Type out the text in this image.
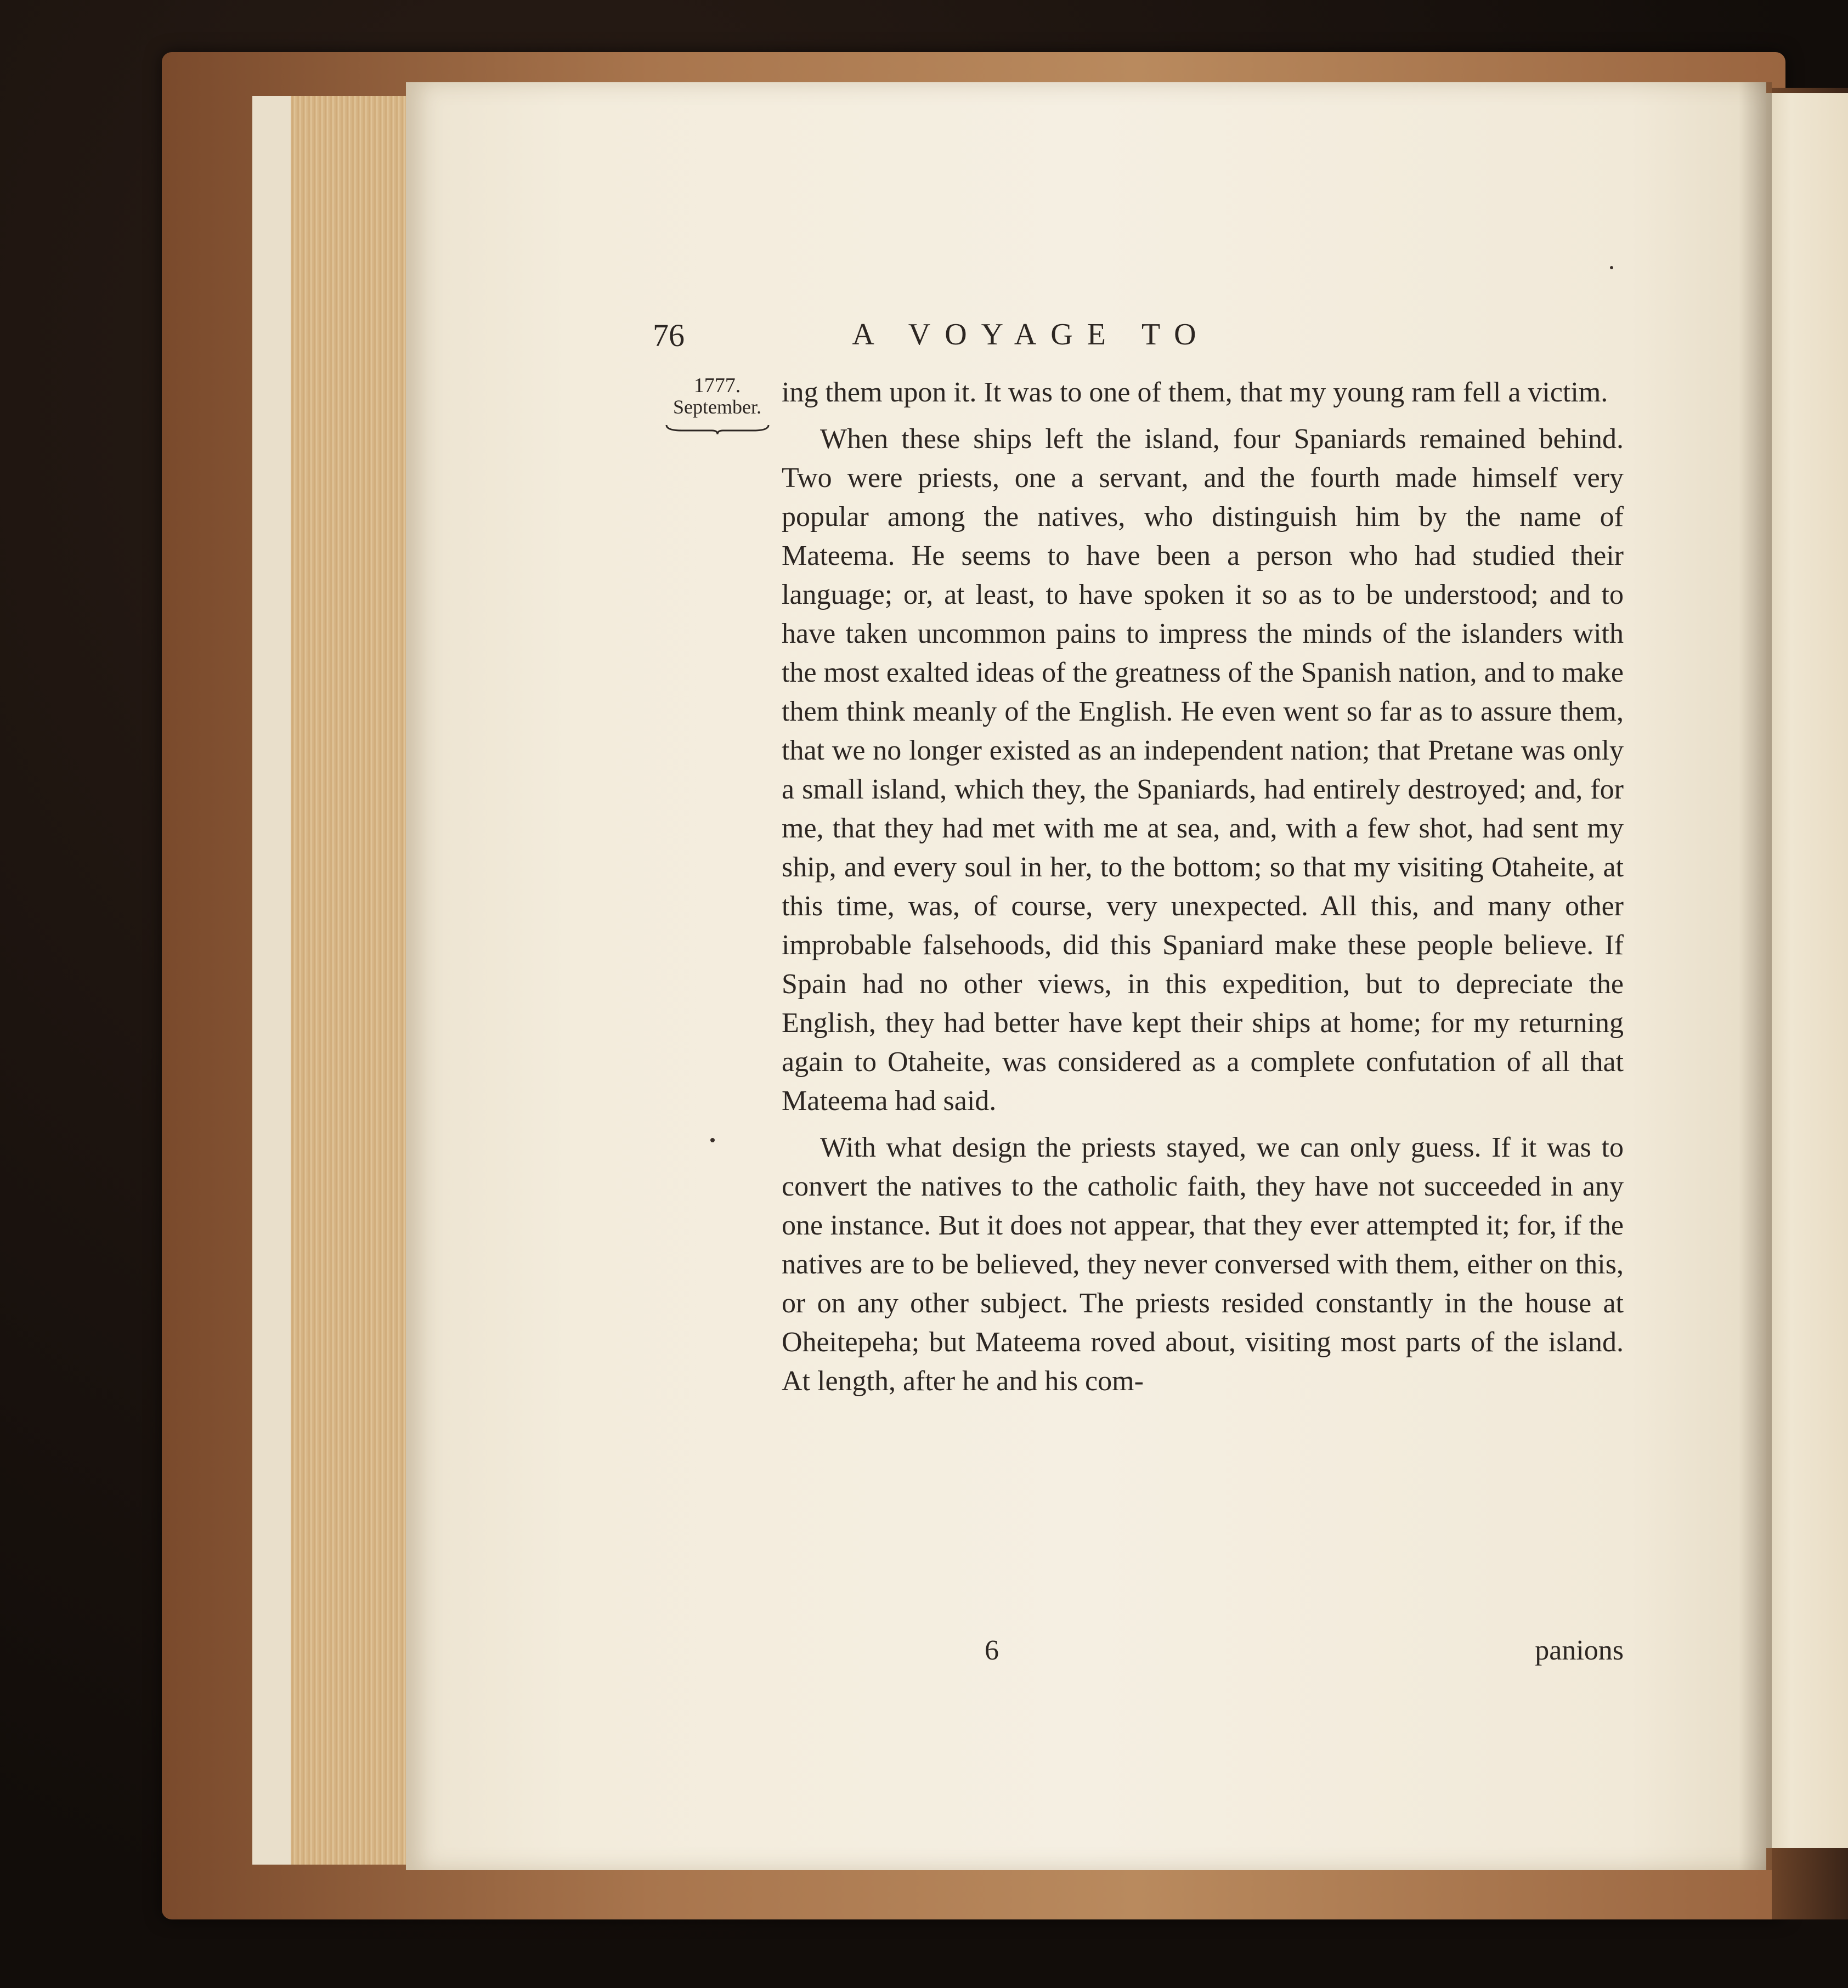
76	A VOYAGE TO
1777.
September. ing them upon it. It was to one of them, that my young ram fell a victim.

When these ships left the island, four Spaniards remained behind. Two were priests, one a servant, and the fourth made himself very popular among the natives, who distinguish him by the name of Mateema. He seems to have been a person who had studied their language; or, at least, to have spoken it so as to be understood; and to have taken uncommon pains to impress the minds of the islanders with the most exalted ideas of the greatness of the Spanish nation, and to make them think meanly of the English. He even went so far as to assure them, that we no longer existed as an independent nation; that Pretane was only a small island, which they, the Spaniards, had entirely destroyed; and, for me, that they had met with me at sea, and, with a few shot, had sent my ship, and every soul in her, to the bottom; so that my visiting Otaheite, at this time, was, of course, very unexpected. All this, and many other improbable falsehoods, did this Spaniard make these people believe. If Spain had no other views, in this expedition, but to depreciate the English, they had better have kept their ships at home; for my returning again to Otaheite, was considered as a complete confutation of all that Mateema had said.

With what design the priests stayed, we can only guess. If it was to convert the natives to the catholic faith, they have not succeeded in any one instance. But it does not appear, that they ever attempted it; for, if the natives are to be believed, they never conversed with them, either on this, or on any other subject. The priests resided constantly in the house at Oheitepeha; but Mateema roved about, visiting most parts of the island. At length, after he and his com-

6	panions
